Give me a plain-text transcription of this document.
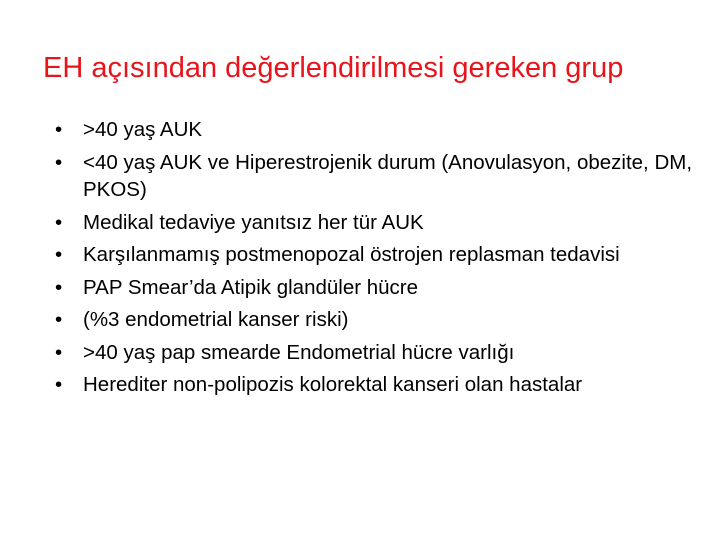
EH açısından değerlendirilmesi gereken grup
•	>40 yaş AUK
•	<40 yaş AUK ve Hiperestrojenik durum (Anovulasyon, obezite, DM, PKOS)
•	Medikal tedaviye yanıtsız her tür AUK
•	Karşılanmamış postmenopozal östrojen replasman tedavisi
•	PAP Smear’da Atipik glandüler hücre
•	(%3 endometrial kanser riski)
•	>40 yaş pap smearde Endometrial hücre varlığı
•	Herediter non-polipozis kolorektal kanseri olan hastalar
